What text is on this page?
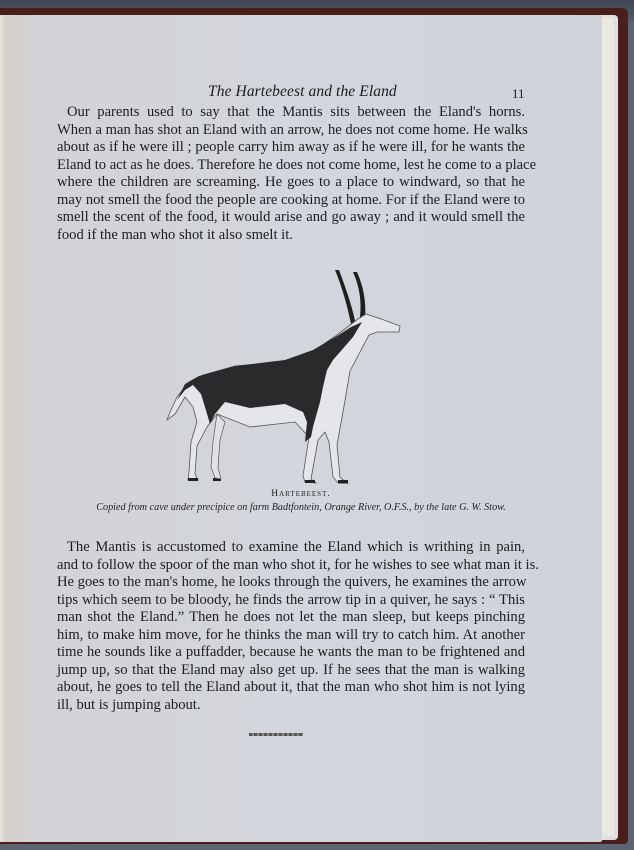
The Hartebeest and the Eland	11
Our parents used to say that the Mantis sits between the Eland's horns.
When a man has shot an Eland with an arrow, he does not come home. He walks
about as if he were ill ; people carry him away as if he were ill, for he wants the
Eland to act as he does. Therefore he does not come home, lest he come to a place
where the children are screaming. He goes to a place to windward, so that he
may not smell the food the people are cooking at home. For if the Eland were to
smell the scent of the food, it would arise and go away ; and it would smell the
food if the man who shot it also smelt it.
Hartebeest.
Copied from cave under precipice on farm Badtfontein, Orange River, O.F.S., by the late G. W. Stow.
The Mantis is accustomed to examine the Eland which is writhing in pain,
and to follow the spoor of the man who shot it, for he wishes to see what man it is.
He goes to the man's home, he looks through the quivers, he examines the arrow
tips which seem to be bloody, he finds the arrow tip in a quiver, he says : “ This
man shot the Eland.” Then he does not let the man sleep, but keeps pinching
him, to make him move, for he thinks the man will try to catch him. At another
time he sounds like a puffadder, because he wants the man to be frightened and
jump up, so that the Eland may also get up. If he sees that the man is walking
about, he goes to tell the Eland about it, that the man who shot him is not lying
ill, but is jumping about.
